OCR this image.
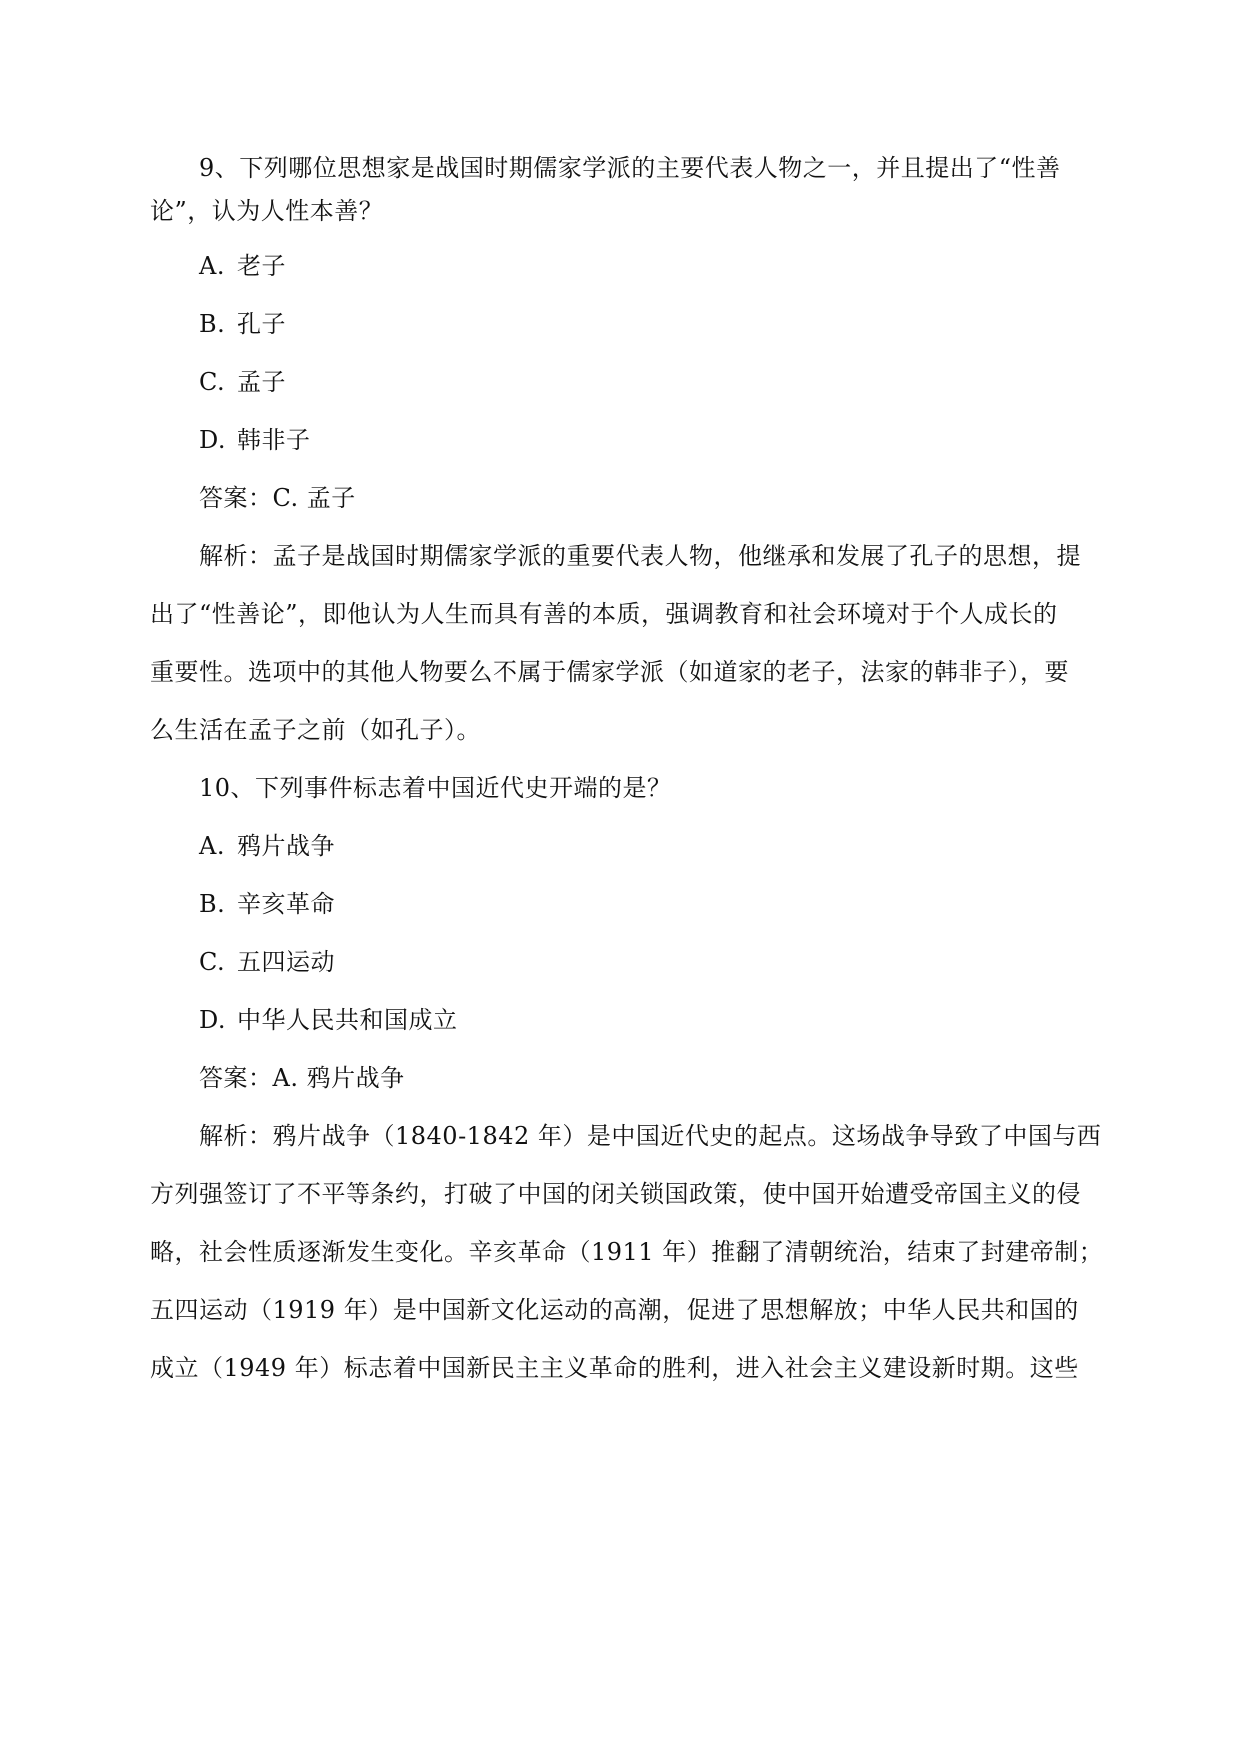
9、下列哪位思想家是战国时期儒家学派的主要代表人物之一，并且提出了“性善
论”，认为人性本善？
A. 老子
B. 孔子
C. 孟子
D. 韩非子
答案：C. 孟子
解析：孟子是战国时期儒家学派的重要代表人物，他继承和发展了孔子的思想，提
出了“性善论”，即他认为人生而具有善的本质，强调教育和社会环境对于个人成长的
重要性。选项中的其他人物要么不属于儒家学派（如道家的老子，法家的韩非子），要
么生活在孟子之前（如孔子）。
10、下列事件标志着中国近代史开端的是？
A. 鸦片战争
B. 辛亥革命
C. 五四运动
D. 中华人民共和国成立
答案：A. 鸦片战争
解析：鸦片战争（1840-1842 年）是中国近代史的起点。这场战争导致了中国与西
方列强签订了不平等条约，打破了中国的闭关锁国政策，使中国开始遭受帝国主义的侵
略，社会性质逐渐发生变化。辛亥革命（1911 年）推翻了清朝统治，结束了封建帝制；
五四运动（1919 年）是中国新文化运动的高潮，促进了思想解放；中华人民共和国的
成立（1949 年）标志着中国新民主主义革命的胜利，进入社会主义建设新时期。这些
